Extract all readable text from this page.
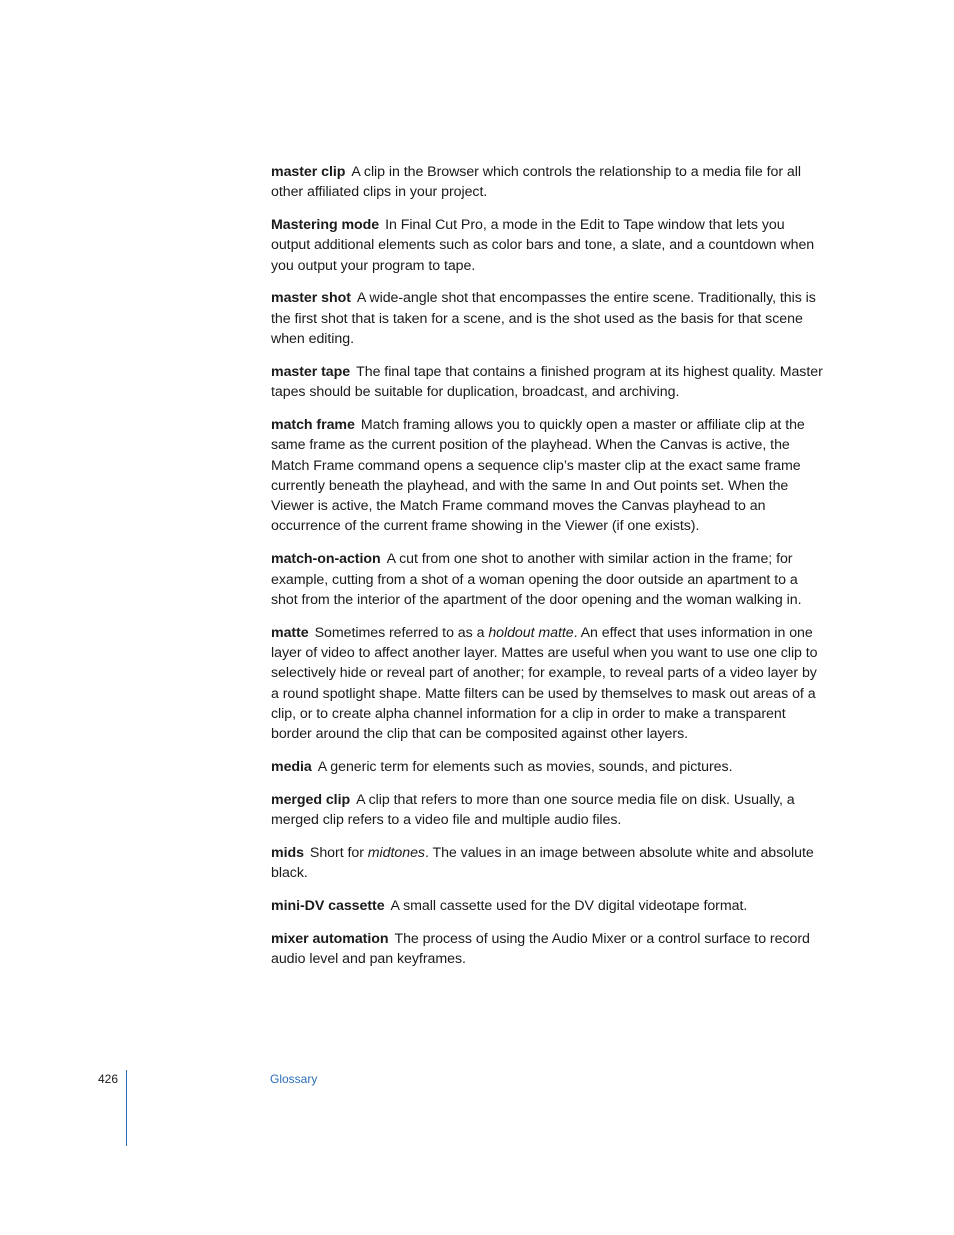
master clip A clip in the Browser which controls the relationship to a media file for all other affiliated clips in your project.

Mastering mode In Final Cut Pro, a mode in the Edit to Tape window that lets you output additional elements such as color bars and tone, a slate, and a countdown when you output your program to tape.

master shot A wide-angle shot that encompasses the entire scene. Traditionally, this is the first shot that is taken for a scene, and is the shot used as the basis for that scene when editing.

master tape The final tape that contains a finished program at its highest quality. Master tapes should be suitable for duplication, broadcast, and archiving.

match frame Match framing allows you to quickly open a master or affiliate clip at the same frame as the current position of the playhead. When the Canvas is active, the Match Frame command opens a sequence clip’s master clip at the exact same frame currently beneath the playhead, and with the same In and Out points set. When the Viewer is active, the Match Frame command moves the Canvas playhead to an occurrence of the current frame showing in the Viewer (if one exists).

match-on-action A cut from one shot to another with similar action in the frame; for example, cutting from a shot of a woman opening the door outside an apartment to a shot from the interior of the apartment of the door opening and the woman walking in.

matte Sometimes referred to as a holdout matte. An effect that uses information in one layer of video to affect another layer. Mattes are useful when you want to use one clip to selectively hide or reveal part of another; for example, to reveal parts of a video layer by a round spotlight shape. Matte filters can be used by themselves to mask out areas of a clip, or to create alpha channel information for a clip in order to make a transparent border around the clip that can be composited against other layers.

media A generic term for elements such as movies, sounds, and pictures.

merged clip A clip that refers to more than one source media file on disk. Usually, a merged clip refers to a video file and multiple audio files.

mids Short for midtones. The values in an image between absolute white and absolute black.

mini-DV cassette A small cassette used for the DV digital videotape format.

mixer automation The process of using the Audio Mixer or a control surface to record audio level and pan keyframes.

426	Glossary
